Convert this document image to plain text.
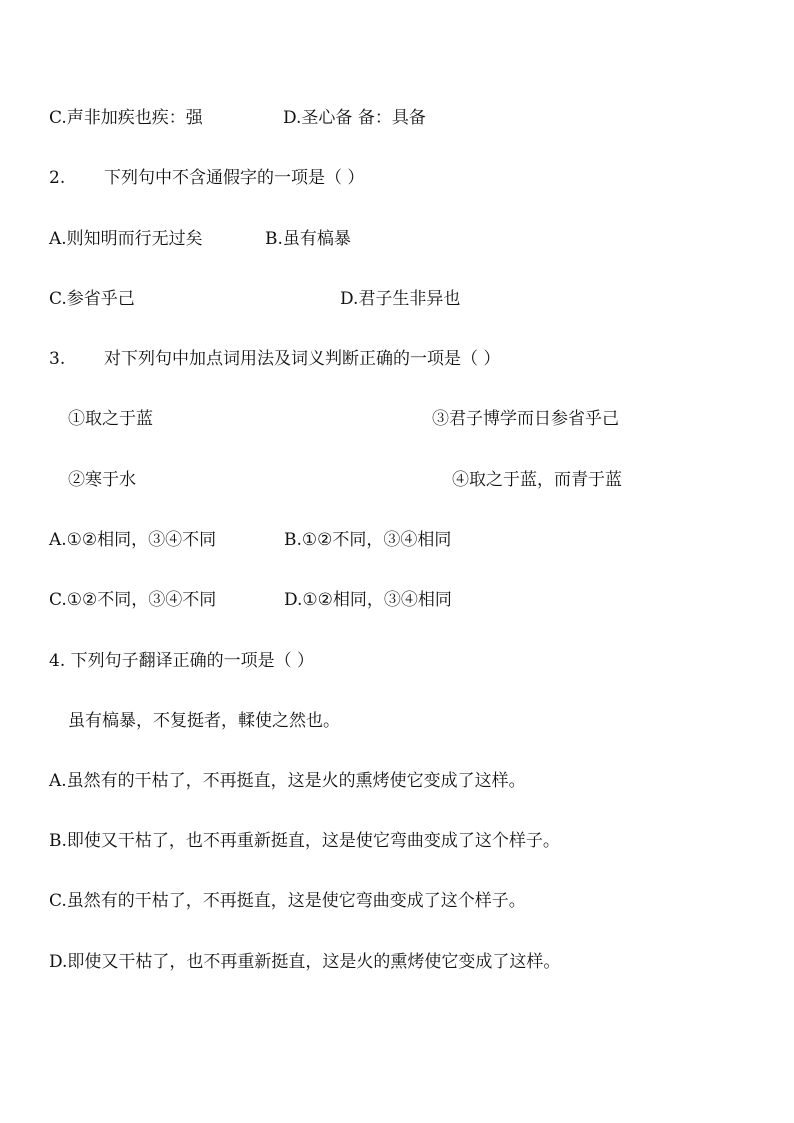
C.声非加疾也疾：强	D.圣心备 备：具备
2. 下列句中不含通假字的一项是（ ）
A.则知明而行无过矣	B.虽有槁暴
C.参省乎己	D.君子生非异也
3. 对下列句中加点词用法及词义判断正确的一项是（ ）
①取之于蓝	③君子博学而日参省乎己
②寒于水	④取之于蓝，而青于蓝
A.①②相同，③④不同	B.①②不同，③④相同
C.①②不同，③④不同	D.①②相同，③④相同
4. 下列句子翻译正确的一项是（ ）
虽有槁暴，不复挺者，輮使之然也。
A.虽然有的干枯了，不再挺直，这是火的熏烤使它变成了这样。
B.即使又干枯了，也不再重新挺直，这是使它弯曲变成了这个样子。
C.虽然有的干枯了，不再挺直，这是使它弯曲变成了这个样子。
D.即使又干枯了，也不再重新挺直，这是火的熏烤使它变成了这样。
